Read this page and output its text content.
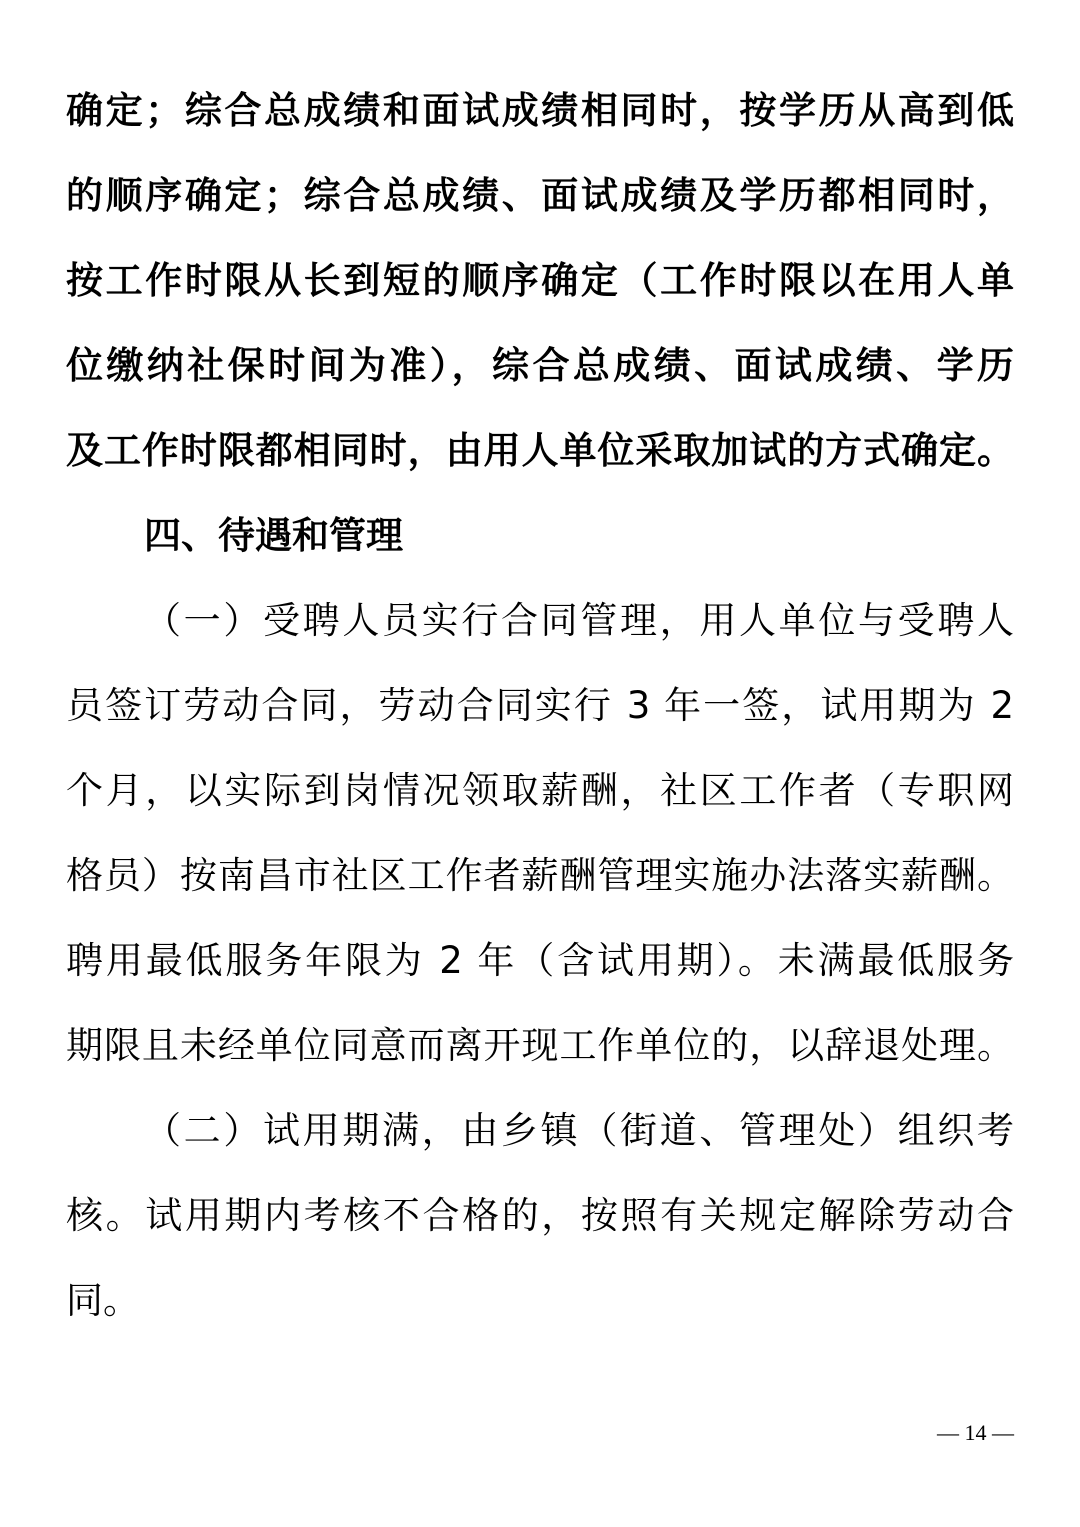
确定；综合总成绩和面试成绩相同时，按学历从高到低
的顺序确定；综合总成绩、面试成绩及学历都相同时，
按工作时限从长到短的顺序确定（工作时限以在用人单
位缴纳社保时间为准），综合总成绩、面试成绩、学历
及工作时限都相同时，由用人单位采取加试的方式确定。
四、待遇和管理
（一）受聘人员实行合同管理，用人单位与受聘人
员签订劳动合同，劳动合同实行 3 年一签，试用期为 2
个月，以实际到岗情况领取薪酬，社区工作者（专职网
格员）按南昌市社区工作者薪酬管理实施办法落实薪酬。
聘用最低服务年限为 2 年（含试用期）。未满最低服务
期限且未经单位同意而离开现工作单位的，以辞退处理。
（二）试用期满，由乡镇（街道、管理处）组织考
核。试用期内考核不合格的，按照有关规定解除劳动合
同。
— 14 —
